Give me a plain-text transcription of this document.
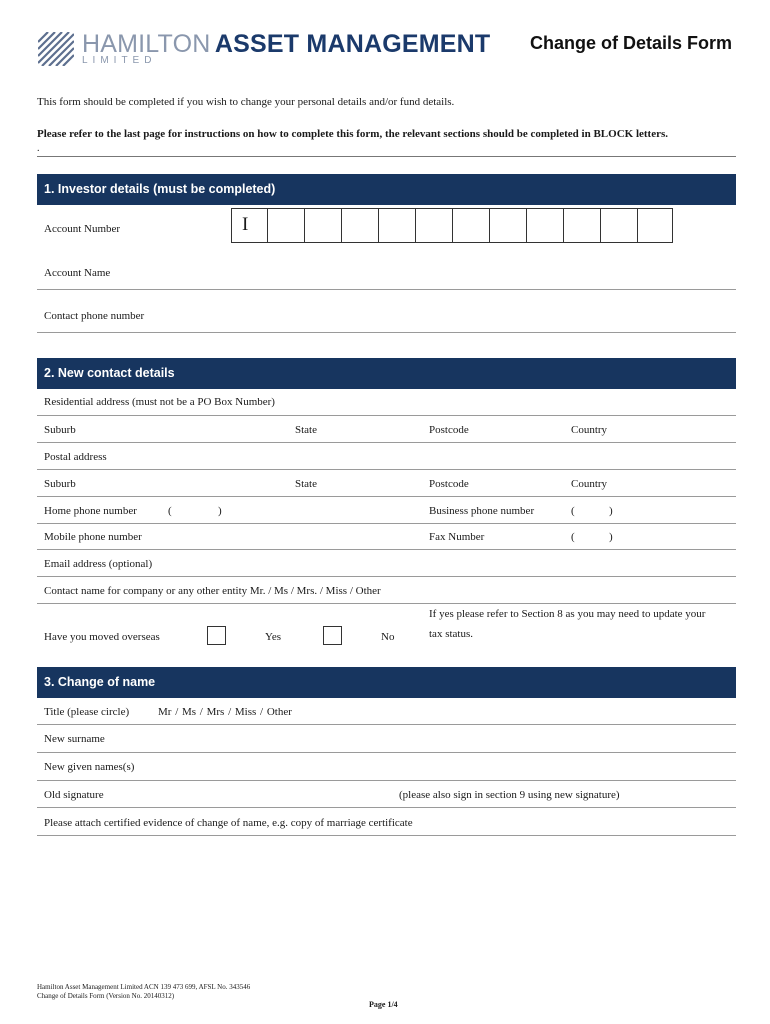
HAMILTON ASSET MANAGEMENT
LIMITED
Change of Details Form
This form should be completed if you wish to change your personal details and/or fund details.
Please refer to the last page for instructions on how to complete this form, the relevant sections should be completed in BLOCK letters.
.
1. Investor details (must be completed)
Account Number	I
Account Name
Contact phone number
2. New contact details
Residential address (must not be a PO Box Number)
Suburb	State	Postcode	Country
Postal address
Suburb	State	Postcode	Country
Home phone number	(	)	Business phone number	(	)
Mobile phone number	Fax Number	(	)
Email address (optional)
Contact name for company or any other entity Mr. / Ms / Mrs. / Miss / Other
If yes please refer to Section 8 as you may need to update your
tax status.
Have you moved overseas	Yes	No
3. Change of name
Title (please circle)	Mr / Ms / Mrs / Miss / Other
New surname
New given names(s)
Old signature	(please also sign in section 9 using new signature)
Please attach certified evidence of change of name, e.g. copy of marriage certificate
Hamilton Asset Management Limited ACN 139 473 699, AFSL No. 343546
Change of Details Form (Version No. 20140312)
Page 1/4
